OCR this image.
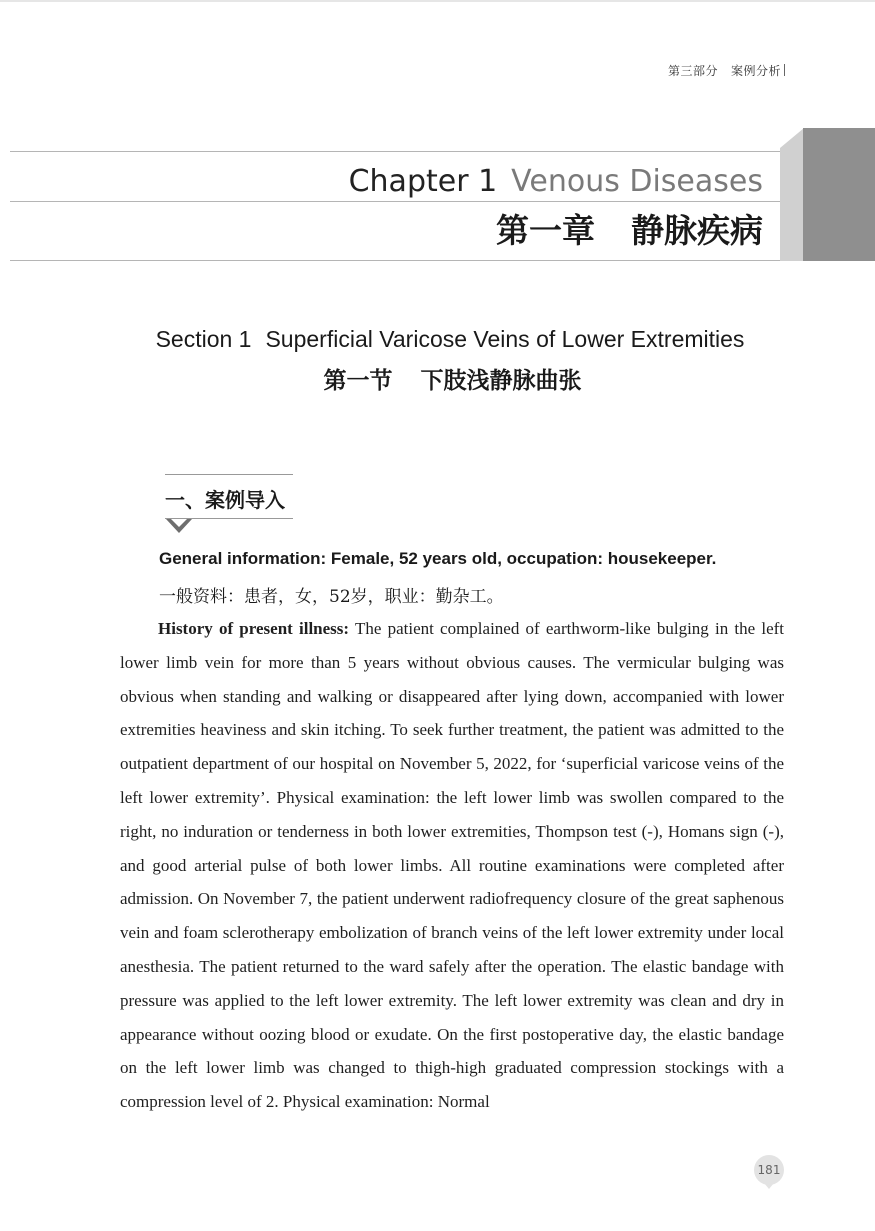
第三部分 案例分析
Chapter 1 Venous Diseases
第一章 静脉疾病
Section 1 Superficial Varicose Veins of Lower Extremities
第一节 下肢浅静脉曲张
一、案例导入
General information: Female, 52 years old, occupation: housekeeper.
一般资料：患者，女，52岁，职业：勤杂工。

History of present illness: The patient complained of earthworm-like bulging in the left lower limb vein for more than 5 years without obvious causes. The vermicular bulging was obvious when standing and walking or disappeared after lying down, accompanied with lower extremities heaviness and skin itching. To seek further treatment, the patient was admitted to the outpatient department of our hospital on November 5, 2022, for ‘superficial varicose veins of the left lower extremity’. Physical examination: the left lower limb was swollen compared to the right, no induration or tenderness in both lower extremities, Thompson test (-), Homans sign (-), and good arterial pulse of both lower limbs. All routine examinations were completed after admission. On November 7, the patient underwent radiofrequency closure of the great saphenous vein and foam sclerotherapy embolization of branch veins of the left lower extremity under local anesthesia. The patient returned to the ward safely after the operation. The elastic bandage with pressure was applied to the left lower extremity. The left lower extremity was clean and dry in appearance without oozing blood or exudate. On the first postoperative day, the elastic bandage on the left lower limb was changed to thigh-high graduated compression stockings with a compression level of 2. Physical examination: Normal

181
